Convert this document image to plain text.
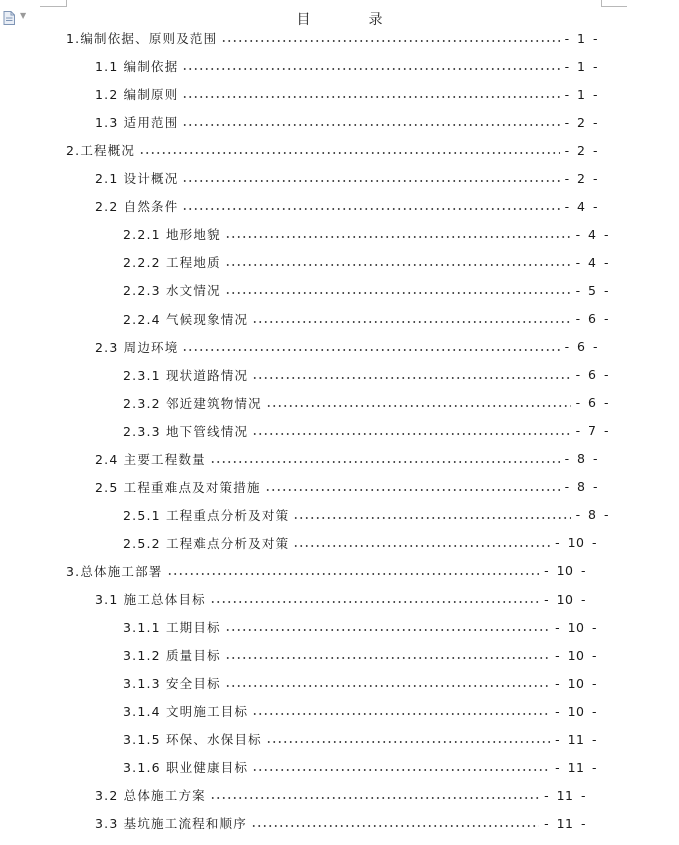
▼	目　录
1.编制依据、原则及范围	- 1 -
1.1 编制依据	- 1 -
1.2 编制原则	- 1 -
1.3 适用范围	- 2 -
2.工程概况	- 2 -
2.1 设计概况	- 2 -
2.2 自然条件	- 4 -
2.2.1 地形地貌	- 4 -
2.2.2 工程地质	- 4 -
2.2.3 水文情况	- 5 -
2.2.4 气候现象情况	- 6 -
2.3 周边环境	- 6 -
2.3.1 现状道路情况	- 6 -
2.3.2 邻近建筑物情况	- 6 -
2.3.3 地下管线情况	- 7 -
2.4 主要工程数量	- 8 -
2.5 工程重难点及对策措施	- 8 -
2.5.1 工程重点分析及对策	- 8 -
2.5.2 工程难点分析及对策	- 10 -
3.总体施工部署	- 10 -
3.1 施工总体目标	- 10 -
3.1.1 工期目标	- 10 -
3.1.2 质量目标	- 10 -
3.1.3 安全目标	- 10 -
3.1.4 文明施工目标	- 10 -
3.1.5 环保、水保目标	- 11 -
3.1.6 职业健康目标	- 11 -
3.2 总体施工方案	- 11 -
3.3 基坑施工流程和顺序	- 11 -
